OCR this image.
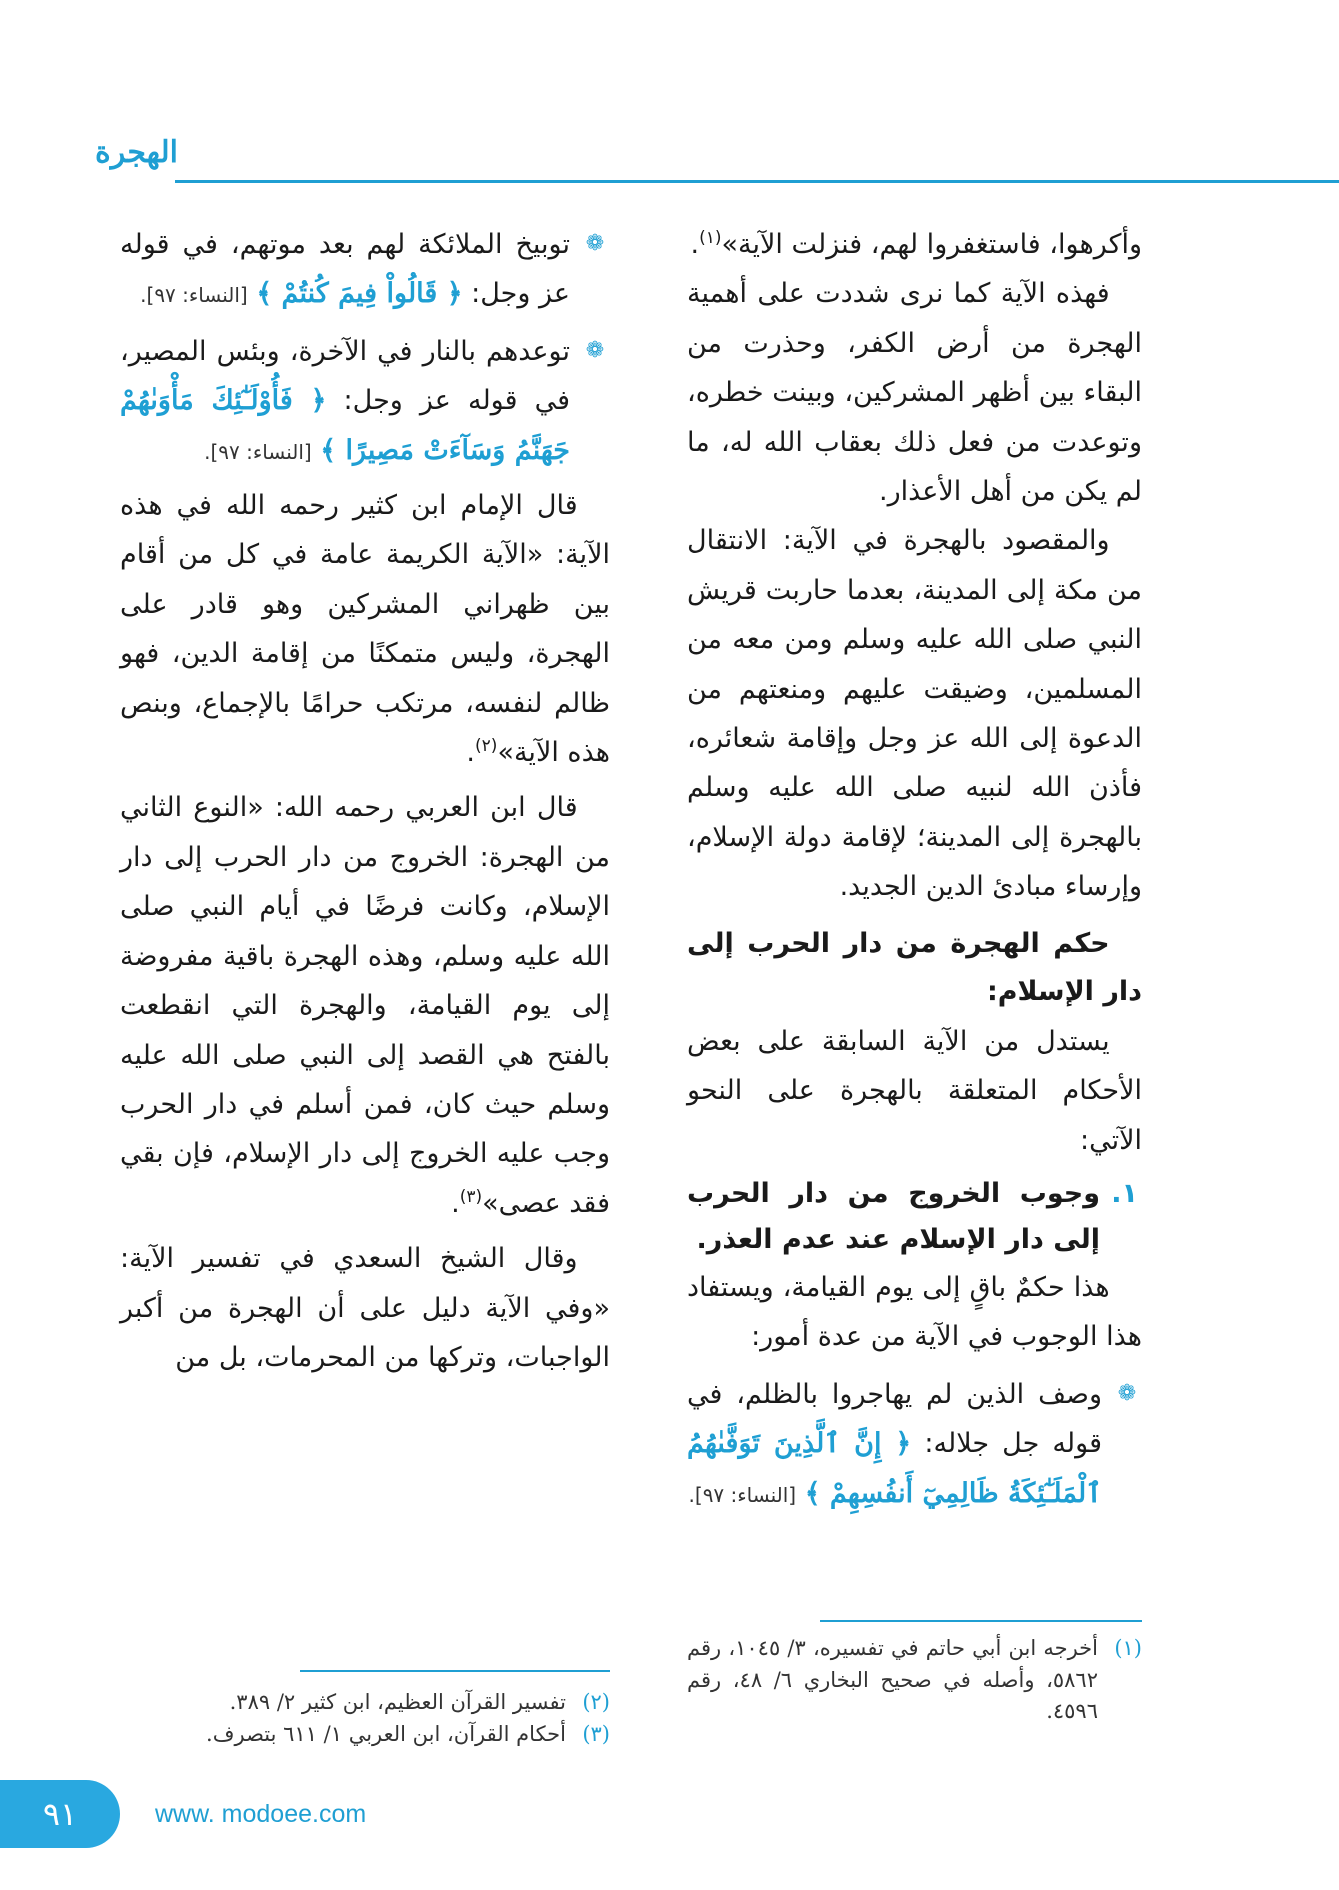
الهجرة

وأكرهوا، فاستغفروا لهم، فنزلت الآية»$^{(١)}$.

فهذه الآية كما نرى شددت على أهمية الهجرة من أرض الكفر، وحذرت من البقاء بين أظهر المشركين، وبينت خطره، وتوعدت من فعل ذلك بعقاب الله له، ما لم يكن من أهل الأعذار.

والمقصود بالهجرة في الآية: الانتقال من مكة إلى المدينة، بعدما حاربت قريش النبي صلى الله عليه وسلم ومن معه من المسلمين، وضيقت عليهم ومنعتهم من الدعوة إلى الله عز وجل وإقامة شعائره، فأذن الله لنبيه صلى الله عليه وسلم بالهجرة إلى المدينة؛ لإقامة دولة الإسلام، وإرساء مبادئ الدين الجديد.

حكم الهجرة من دار الحرب إلى دار الإسلام:

يستدل من الآية السابقة على بعض الأحكام المتعلقة بالهجرة على النحو الآتي:

١.
وجوب الخروج من دار الحرب إلى دار الإسلام عند عدم العذر.

هذا حكمٌ باقٍ إلى يوم القيامة، ويستفاد هذا الوجوب في الآية من عدة أمور:

❁
وصف الذين لم يهاجروا بالظلم، في قوله جل جلاله: ﴿ إِنَّ ٱلَّذِينَ تَوَفَّىٰهُمُ ٱلْمَلَـٰٓئِكَةُ ظَالِمِيٓ أَنفُسِهِمْ ﴾ [النساء: ٩٧].

❁
توبيخ الملائكة لهم بعد موتهم، في قوله عز وجل: ﴿ قَالُواْ فِيمَ كُنتُمْ ﴾ [النساء: ٩٧].

❁
توعدهم بالنار في الآخرة، وبئس المصير، في قوله عز وجل: ﴿ فَأُوْلَـٰٓئِكَ مَأْوَىٰهُمْ جَهَنَّمُ وَسَآءَتْ مَصِيرًا ﴾ [النساء: ٩٧].

قال الإمام ابن كثير رحمه الله في هذه الآية: «الآية الكريمة عامة في كل من أقام بين ظهراني المشركين وهو قادر على الهجرة، وليس متمكنًا من إقامة الدين، فهو ظالم لنفسه، مرتكب حرامًا بالإجماع، وبنص هذه الآية»$^{(٢)}$.

قال ابن العربي رحمه الله: «النوع الثاني من الهجرة: الخروج من دار الحرب إلى دار الإسلام، وكانت فرضًا في أيام النبي صلى الله عليه وسلم، وهذه الهجرة باقية مفروضة إلى يوم القيامة، والهجرة التي انقطعت بالفتح هي القصد إلى النبي صلى الله عليه وسلم حيث كان، فمن أسلم في دار الحرب وجب عليه الخروج إلى دار الإسلام، فإن بقي فقد عصى»$^{(٣)}$.

وقال الشيخ السعدي في تفسير الآية: «وفي الآية دليل على أن الهجرة من أكبر الواجبات، وتركها من المحرمات، بل من

(١)
أخرجه ابن أبي حاتم في تفسيره، ٣/ ١٠٤٥، رقم ٥٨٦٢، وأصله في صحيح البخاري ٦/ ٤٨، رقم ٤٥٩٦.

(٢)
تفسير القرآن العظيم، ابن كثير ٢/ ٣٨٩.

(٣)
أحكام القرآن، ابن العربي ١/ ٦١١ بتصرف.

٩١	www. modoee.com
